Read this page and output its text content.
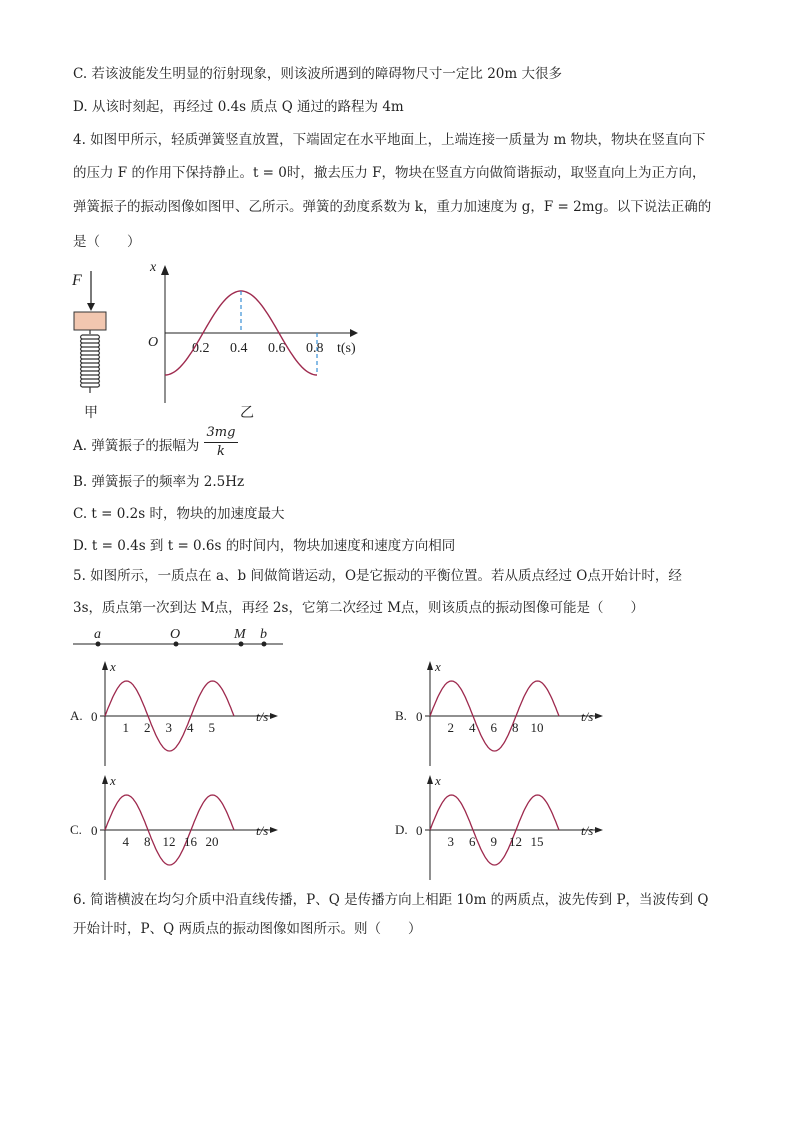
C. 若该波能发生明显的衍射现象，则该波所遇到的障碍物尺寸一定比 20m 大很多
D. 从该时刻起，再经过 0.4s 质点 Q 通过的路程为 4m
4. 如图甲所示，轻质弹簧竖直放置，下端固定在水平地面上，上端连接一质量为 m 物块，物块在竖直向下
的压力 F 的作用下保持静止。t = 0时，撤去压力 F，物块在竖直方向做简谐振动，取竖直向上为正方向，
弹簧振子的振动图像如图甲、乙所示。弹簧的劲度系数为 k，重力加速度为 g，F = 2mg。以下说法正确的
是（　　）
F
甲
x
O	t(s)
0.2 0.4 0.6 0.8
乙
A. 弹簧振子的振幅为 $\frac{3mg}{k}$
B. 弹簧振子的频率为 2.5Hz
C. t = 0.2s 时，物块的加速度最大
D. t = 0.4s 到 t = 0.6s 的时间内，物块加速度和速度方向相同
5. 如图所示，一质点在 a、b 间做简谐运动，O是它振动的平衡位置。若从质点经过 O点开始计时，经
3s，质点第一次到达 M点，再经 2s，它第二次经过 M点，则该质点的振动图像可能是（　　）
a	O	M b
A.
x
t/s
0
1 2 3 4 5
B.
x
t/s
0
2 4 6 8 10
C.
x
t/s
0
4 8 12 16 20
D.
x
t/s
0
3 6 9 12 15
6. 简谐横波在均匀介质中沿直线传播，P、Q 是传播方向上相距 10m 的两质点，波先传到 P，当波传到 Q
开始计时，P、Q 两质点的振动图像如图所示。则（　　）
